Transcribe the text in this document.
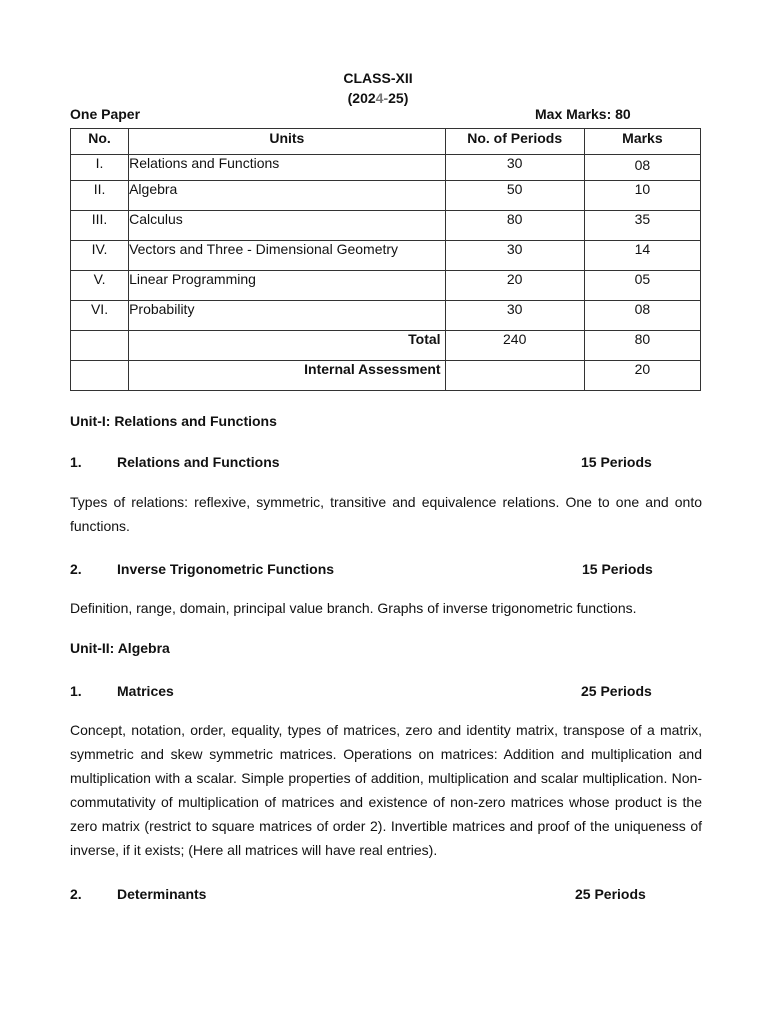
CLASS-XII
(2024-25)
One Paper	Max Marks: 80
No.	Units	No. of Periods	Marks
I.	Relations and Functions	30	08
II.	Algebra	50	10
III.	Calculus	80	35
IV.	Vectors and Three - Dimensional Geometry	30	14
V.	Linear Programming	20	05
VI.	Probability	30	08
	Total	240	80
	Internal Assessment		20
Unit-I: Relations and Functions
1.	Relations and Functions	15 Periods
Types of relations: reflexive, symmetric, transitive and equivalence relations. One to one and onto functions.
2.	Inverse Trigonometric Functions	15 Periods
Definition, range, domain, principal value branch. Graphs of inverse trigonometric functions.
Unit-II: Algebra
1.	Matrices	25 Periods
Concept, notation, order, equality, types of matrices, zero and identity matrix, transpose of a matrix, symmetric and skew symmetric matrices. Operations on matrices: Addition and multiplication and multiplication with a scalar. Simple properties of addition, multiplication and scalar multiplication. Non-commutativity of multiplication of matrices and existence of non-zero matrices whose product is the zero matrix (restrict to square matrices of order 2). Invertible matrices and proof of the uniqueness of inverse, if it exists; (Here all matrices will have real entries).
2.	Determinants	25 Periods
